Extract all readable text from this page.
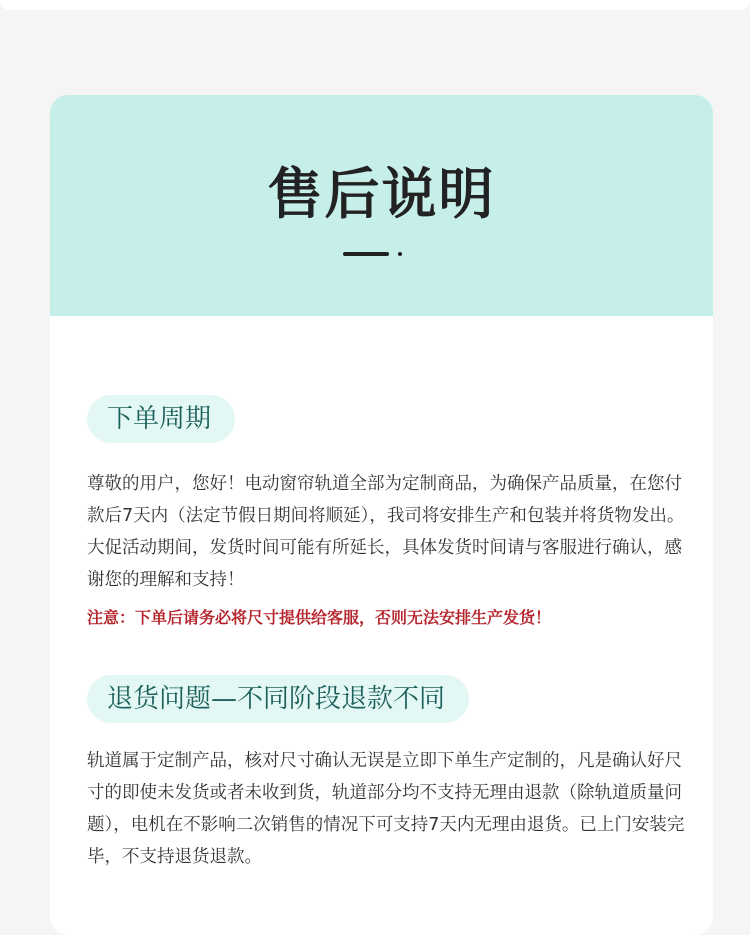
售后说明
下单周期

尊敬的用户，您好！电动窗帘轨道全部为定制商品，为确保产品质量，在您付款后7天内（法定节假日期间将顺延），我司将安排生产和包装并将货物发出。大促活动期间，发货时间可能有所延长，具体发货时间请与客服进行确认，感谢您的理解和支持！

注意：下单后请务必将尺寸提供给客服，否则无法安排生产发货！

退货问题—不同阶段退款不同

轨道属于定制产品，核对尺寸确认无误是立即下单生产定制的，凡是确认好尺寸的即使未发货或者未收到货，轨道部分均不支持无理由退款（除轨道质量问题），电机在不影响二次销售的情况下可支持7天内无理由退货。已上门安装完毕，不支持退货退款。
